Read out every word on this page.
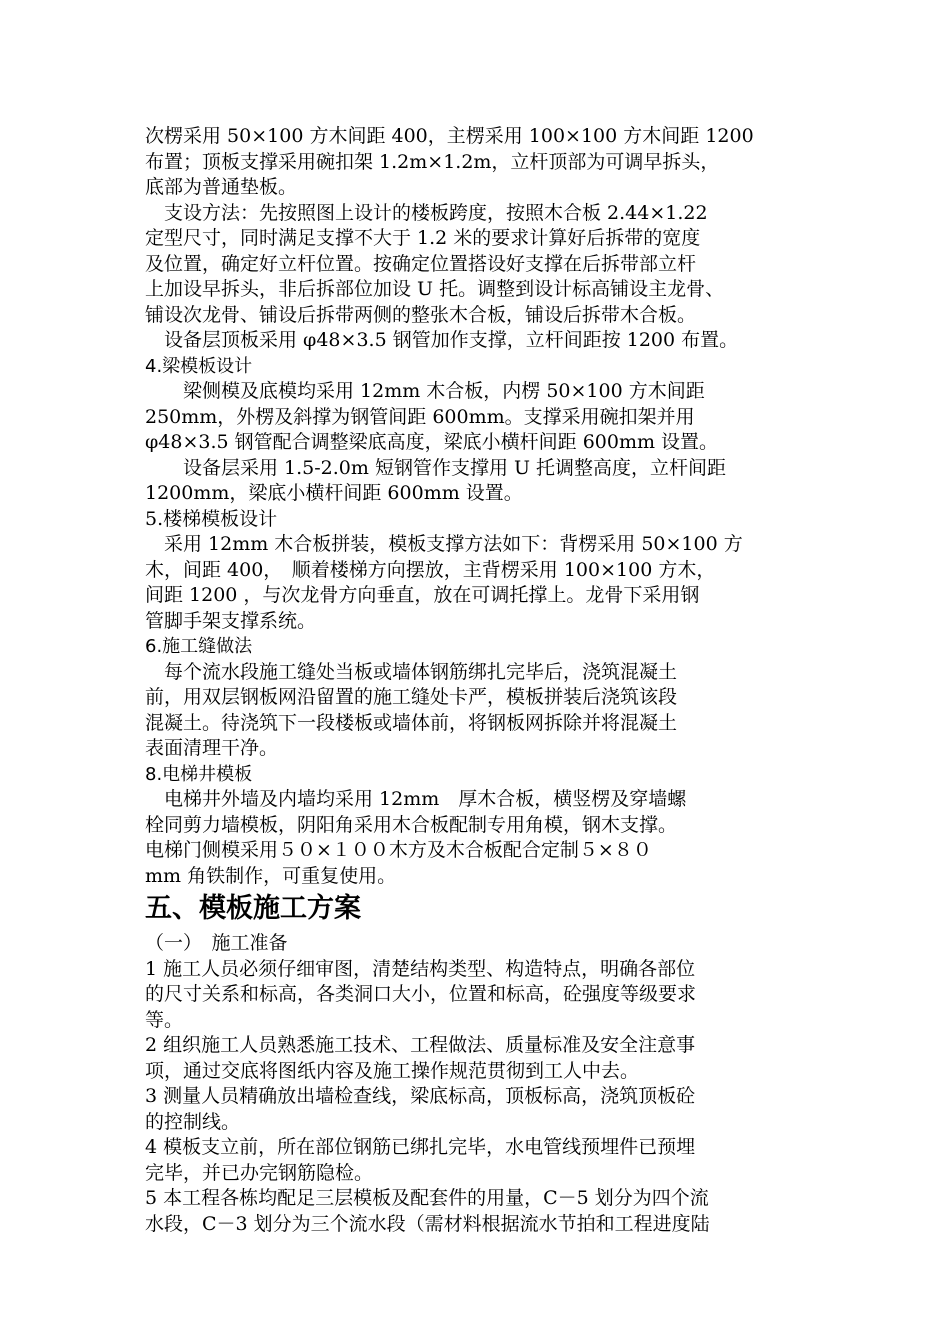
次楞采用 50×100 方木间距 400，主楞采用 100×100 方木间距 1200
布置；顶板支撑采用碗扣架 1.2m×1.2m，立杆顶部为可调早拆头，
底部为普通垫板。
　支设方法：先按照图上设计的楼板跨度，按照木合板 2.44×1.22
定型尺寸，同时满足支撑不大于 1.2 米的要求计算好后拆带的宽度
及位置，确定好立杆位置。按确定位置搭设好支撑在后拆带部立杆
上加设早拆头，非后拆部位加设 U 托。调整到设计标高铺设主龙骨、
铺设次龙骨、铺设后拆带两侧的整张木合板，铺设后拆带木合板。
　设备层顶板采用 φ48×3.5 钢管加作支撑，立杆间距按 1200 布置。
4.梁模板设计
　　梁侧模及底模均采用 12mm 木合板，内楞 50×100 方木间距
250mm，外楞及斜撑为钢管间距 600mm。支撑采用碗扣架并用
φ48×3.5 钢管配合调整梁底高度，梁底小横杆间距 600mm 设置。
　　设备层采用 1.5-2.0m 短钢管作支撑用 U 托调整高度，立杆间距
1200mm，梁底小横杆间距 600mm 设置。
5.楼梯模板设计
　采用 12mm 木合板拼装，模板支撑方法如下：背楞采用 50×100 方
木，间距 400，　顺着楼梯方向摆放，主背楞采用 100×100 方木，
间距 1200 ，与次龙骨方向垂直，放在可调托撑上。龙骨下采用钢
管脚手架支撑系统。
6.施工缝做法
　每个流水段施工缝处当板或墙体钢筋绑扎完毕后，浇筑混凝土
前，用双层钢板网沿留置的施工缝处卡严，模板拼装后浇筑该段
混凝土。待浇筑下一段楼板或墙体前，将钢板网拆除并将混凝土
表面清理干净。
8.电梯井模板
　电梯井外墙及内墙均采用 12mm　厚木合板，横竖楞及穿墙螺
栓同剪力墙模板，阴阳角采用木合板配制专用角模，钢木支撑。
电梯门侧模采用５０×１００木方及木合板配合定制５×８０
mm 角铁制作，可重复使用。
五、模板施工方案
（一）　施工准备
1 施工人员必须仔细审图，清楚结构类型、构造特点，明确各部位
的尺寸关系和标高，各类洞口大小，位置和标高，砼强度等级要求
等。
2 组织施工人员熟悉施工技术、工程做法、质量标准及安全注意事
项，通过交底将图纸内容及施工操作规范贯彻到工人中去。
3 测量人员精确放出墙检查线，梁底标高，顶板标高，浇筑顶板砼
的控制线。
4 模板支立前，所在部位钢筋已绑扎完毕，水电管线预埋件已预埋
完毕，并已办完钢筋隐检。
5 本工程各栋均配足三层模板及配套件的用量，C－5 划分为四个流
水段，C－3 划分为三个流水段（需材料根据流水节拍和工程进度陆
